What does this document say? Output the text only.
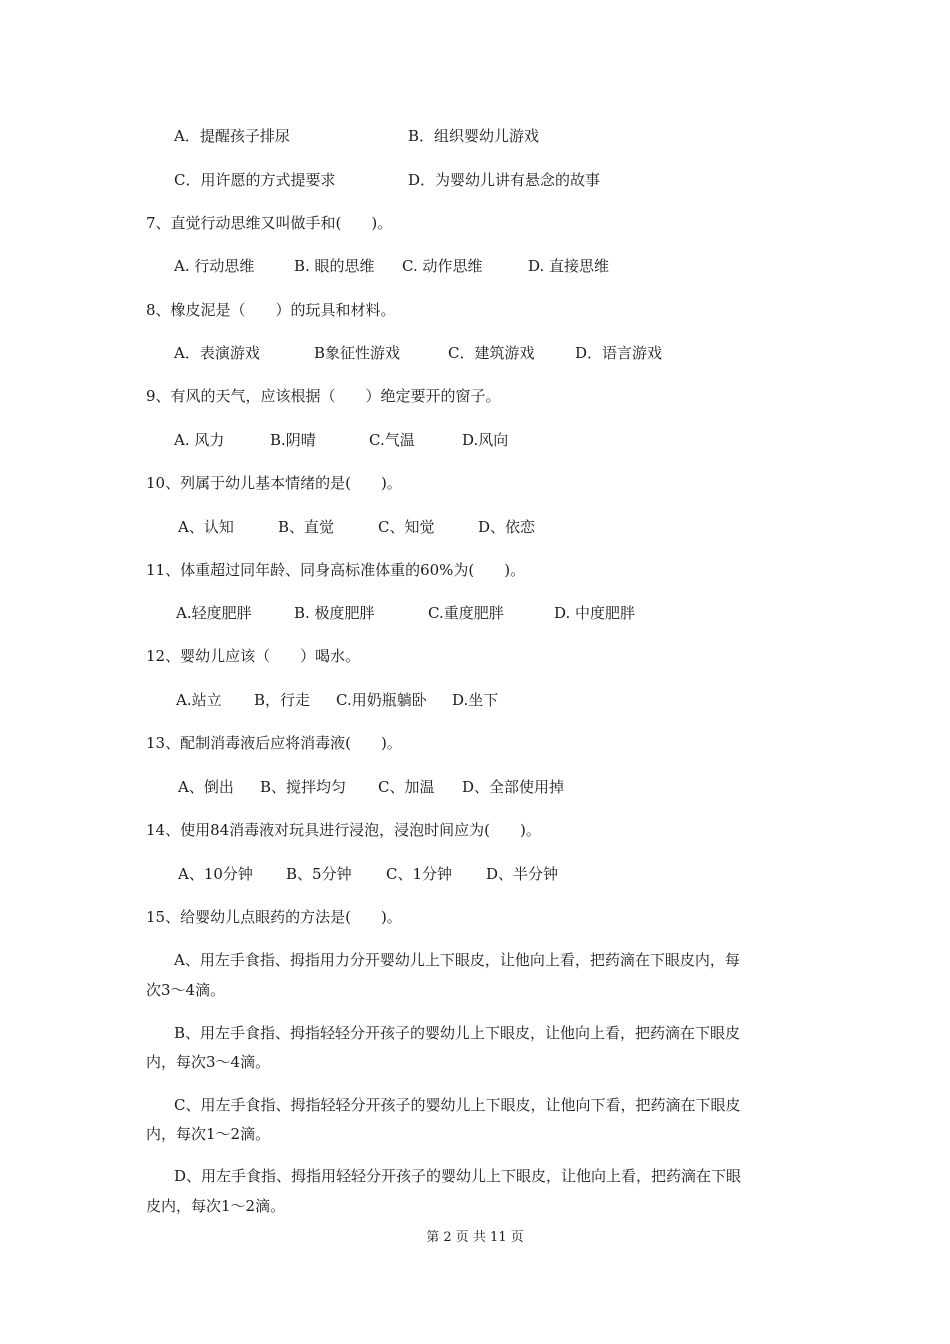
A．提醒孩子排尿	B．组织婴幼儿游戏
C．用许愿的方式提要求	D．为婴幼儿讲有悬念的故事
7、直觉行动思维又叫做手和(　　)。
A. 行动思维	B. 眼的思维 C. 动作思维	D. 直接思维
8、橡皮泥是（　　）的玩具和材料。
A．表演游戏	B象征性游戏	C．建筑游戏	D．语言游戏
9、有风的天气，应该根据（　　）绝定要开的窗子。
A. 风力	B.阴晴	C.气温	D.风向
10、列属于幼儿基本情绪的是(　　)。
A、认知	B、直觉	C、知觉	D、依恋
11、体重超过同年龄、同身高标准体重的60%为(　　)。
A.轻度肥胖	B. 极度肥胖	C.重度肥胖	D. 中度肥胖
12、婴幼儿应该（　　）喝水。
A.站立 B，行走 C.用奶瓶躺卧 D.坐下
13、配制消毒液后应将消毒液(　　)。
A、倒出 B、搅拌均匀 C、加温 D、全部使用掉
14、使用84消毒液对玩具进行浸泡，浸泡时间应为(　　)。
A、10分钟 B、5分钟 C、1分钟 D、半分钟
15、给婴幼儿点眼药的方法是(　　)。
A、用左手食指、拇指用力分开婴幼儿上下眼皮，让他向上看，把药滴在下眼皮内，每
次3～4滴。
B、用左手食指、拇指轻轻分开孩子的婴幼儿上下眼皮，让他向上看，把药滴在下眼皮
内，每次3～4滴。
C、用左手食指、拇指轻轻分开孩子的婴幼儿上下眼皮，让他向下看，把药滴在下眼皮
内，每次1～2滴。
D、用左手食指、拇指用轻轻分开孩子的婴幼儿上下眼皮，让他向上看，把药滴在下眼
皮内，每次1～2滴。
第 2 页 共 11 页
